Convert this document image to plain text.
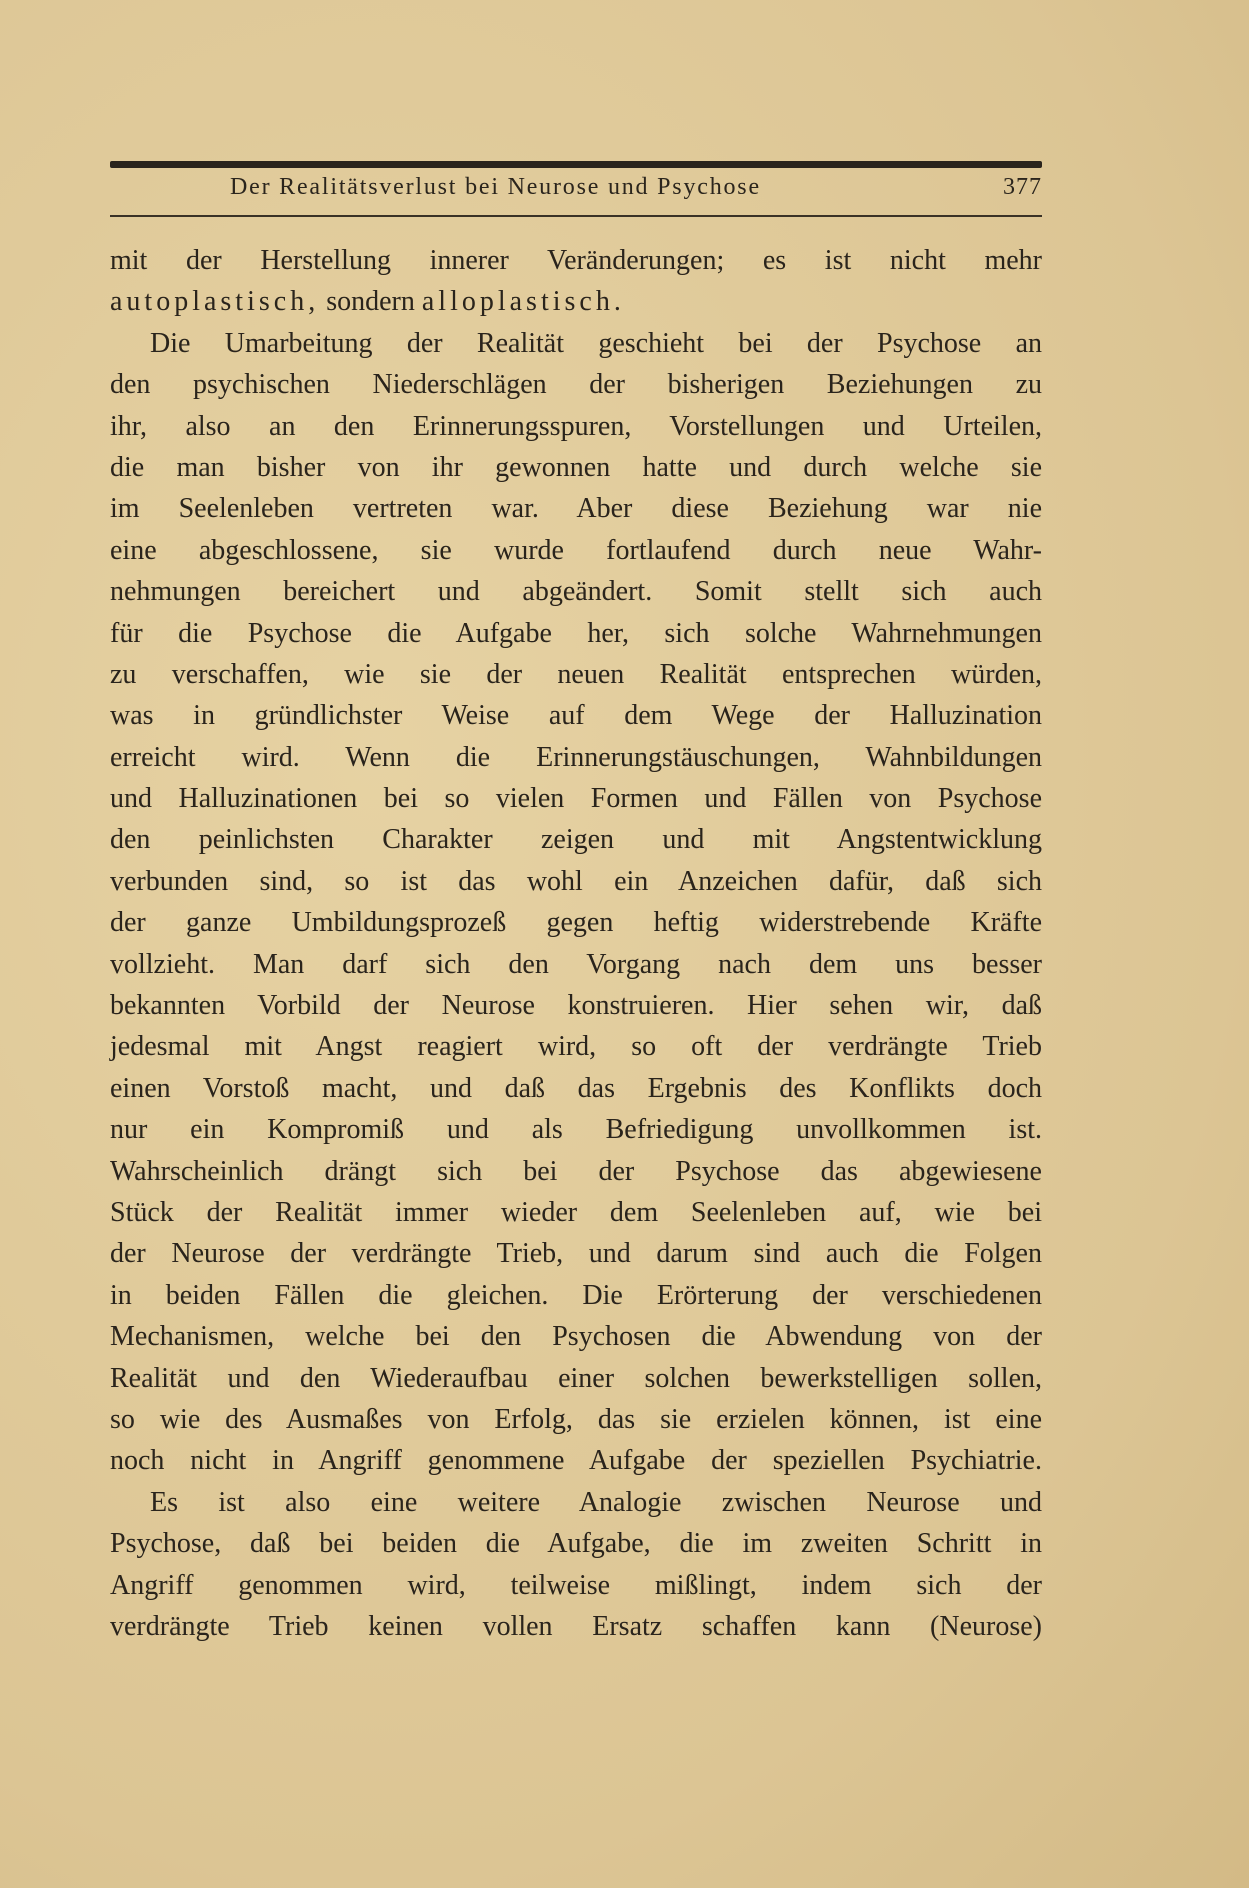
Der Realitätsverlust bei Neurose und Psychose	377
mit der Herstellung innerer Veränderungen; es ist nicht mehr
autoplastisch, sondern alloplastisch.
Die Umarbeitung der Realität geschieht bei der Psychose an
den psychischen Niederschlägen der bisherigen Beziehungen zu
ihr, also an den Erinnerungsspuren, Vorstellungen und Urteilen,
die man bisher von ihr gewonnen hatte und durch welche sie
im Seelenleben vertreten war. Aber diese Beziehung war nie
eine abgeschlossene, sie wurde fortlaufend durch neue Wahr-
nehmungen bereichert und abgeändert. Somit stellt sich auch
für die Psychose die Aufgabe her, sich solche Wahrnehmungen
zu verschaffen, wie sie der neuen Realität entsprechen würden,
was in gründlichster Weise auf dem Wege der Halluzination
erreicht wird. Wenn die Erinnerungstäuschungen, Wahnbildungen
und Halluzinationen bei so vielen Formen und Fällen von Psychose
den peinlichsten Charakter zeigen und mit Angstentwicklung
verbunden sind, so ist das wohl ein Anzeichen dafür, daß sich
der ganze Umbildungsprozeß gegen heftig widerstrebende Kräfte
vollzieht. Man darf sich den Vorgang nach dem uns besser
bekannten Vorbild der Neurose konstruieren. Hier sehen wir, daß
jedesmal mit Angst reagiert wird, so oft der verdrängte Trieb
einen Vorstoß macht, und daß das Ergebnis des Konflikts doch
nur ein Kompromiß und als Befriedigung unvollkommen ist.
Wahrscheinlich drängt sich bei der Psychose das abgewiesene
Stück der Realität immer wieder dem Seelenleben auf, wie bei
der Neurose der verdrängte Trieb, und darum sind auch die Folgen
in beiden Fällen die gleichen. Die Erörterung der verschiedenen
Mechanismen, welche bei den Psychosen die Abwendung von der
Realität und den Wiederaufbau einer solchen bewerkstelligen sollen,
so wie des Ausmaßes von Erfolg, das sie erzielen können, ist eine
noch nicht in Angriff genommene Aufgabe der speziellen Psychiatrie.
Es ist also eine weitere Analogie zwischen Neurose und
Psychose, daß bei beiden die Aufgabe, die im zweiten Schritt in
Angriff genommen wird, teilweise mißlingt, indem sich der
verdrängte Trieb keinen vollen Ersatz schaffen kann (Neurose)
